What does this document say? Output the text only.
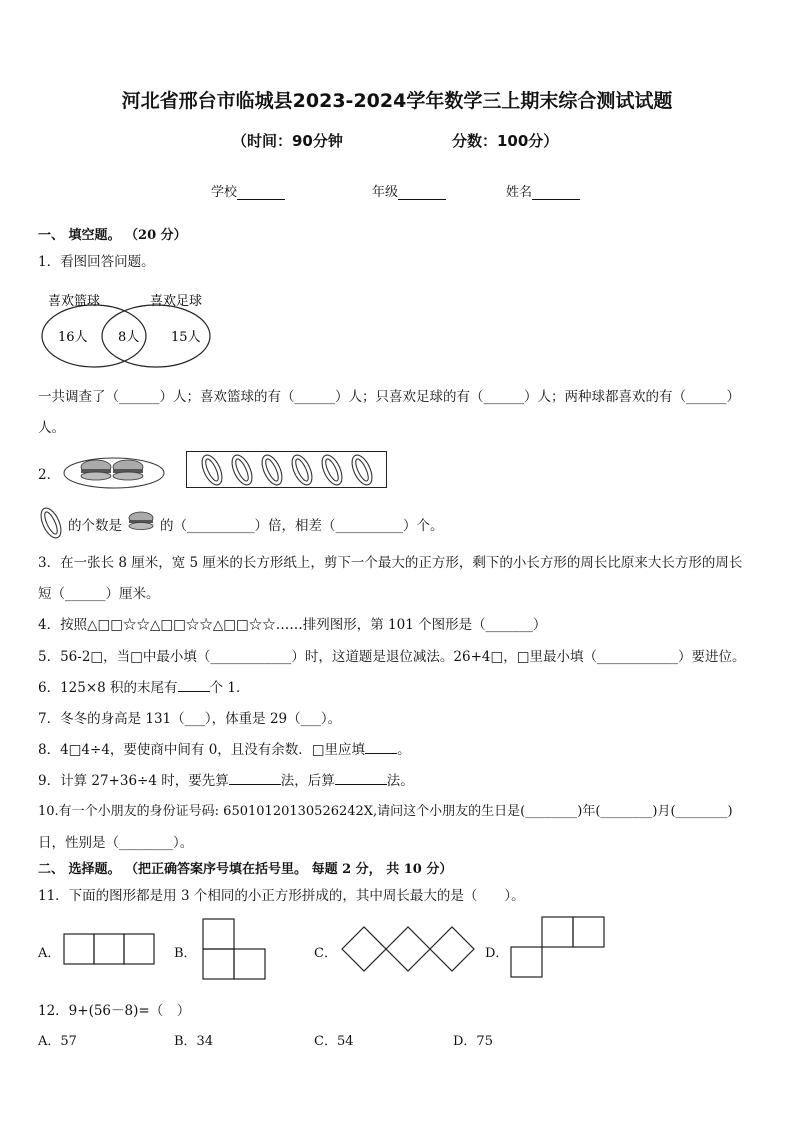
河北省邢台市临城县2023-2024学年数学三上期末综合测试试题
（时间：90分钟	分数：100分）
学校	年级	姓名
一、 填空题。 （20 分）
1．看图回答问题。
喜欢篮球	喜欢足球
16人 8人 15人
一共调查了（______）人；喜欢篮球的有（______）人；只喜欢足球的有（______）人；两种球都喜欢的有（______）
人。
2．
的个数是	的（__________）倍，相差（__________）个。
3．在一张长 8 厘米，宽 5 厘米的长方形纸上，剪下一个最大的正方形，剩下的小长方形的周长比原来大长方形的周长
短（______）厘米。
4．按照△□□☆☆△□□☆☆△□□☆☆……排列图形，第 101 个图形是（_______）
5．56-2□，当□中最小填（____________）时，这道题是退位减法。26+4□，□里最小填（____________）要进位。
6．125×8 积的末尾有 个 1．
7．冬冬的身高是 131（___），体重是 29（___）。
8．4□4÷4，要使商中间有 0，且没有余数．□里应填 。
9．计算 27+36÷4 时，要先算	法，后算	法。
10.有一个小朋友的身份证号码: 65010120130526242X,请问这个小朋友的生日是(________)年(________)月(________)
日，性别是（________）。
二、 选择题。 （把正确答案序号填在括号里。 每题 2 分， 共 10 分）
11．下面的图形都是用 3 个相同的小正方形拼成的，其中周长最大的是（　　）。
A．	B．	C．	D．
12．9+(56－8)=（　）
A．57	B．34	C．54	D．75
